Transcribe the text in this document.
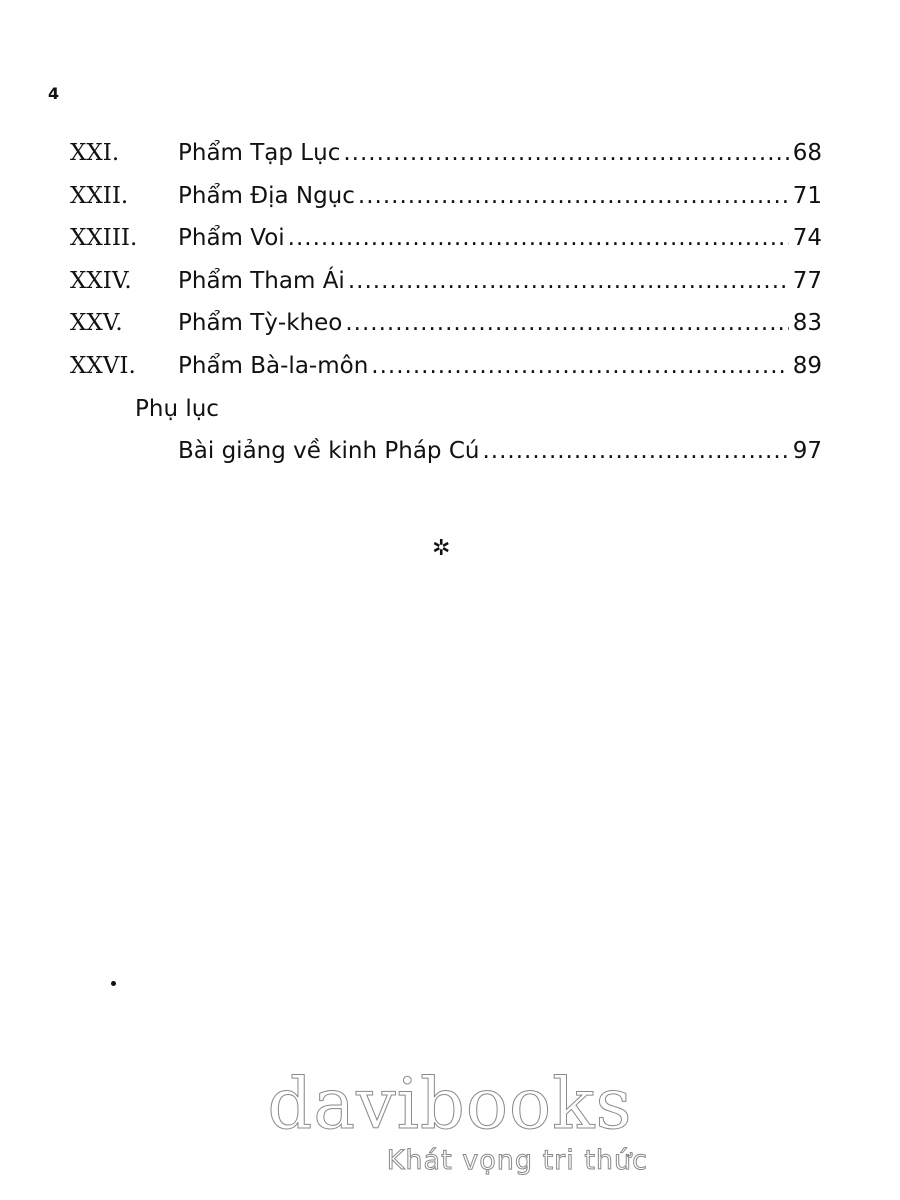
4
XXI.	Phẩm Tạp Lục .....	68
XXII.	Phẩm Địa Ngục .....	71
XXIII.	Phẩm Voi .....	74
XXIV.	Phẩm Tham Ái .....	77
XXV.	Phẩm Tỳ-kheo .....	83
XXVI.	Phẩm Bà-la-môn .....	89
Phụ lục
Bài giảng về kinh Pháp Cú .....	97
✲
davibooks
Khát vọng tri thức
